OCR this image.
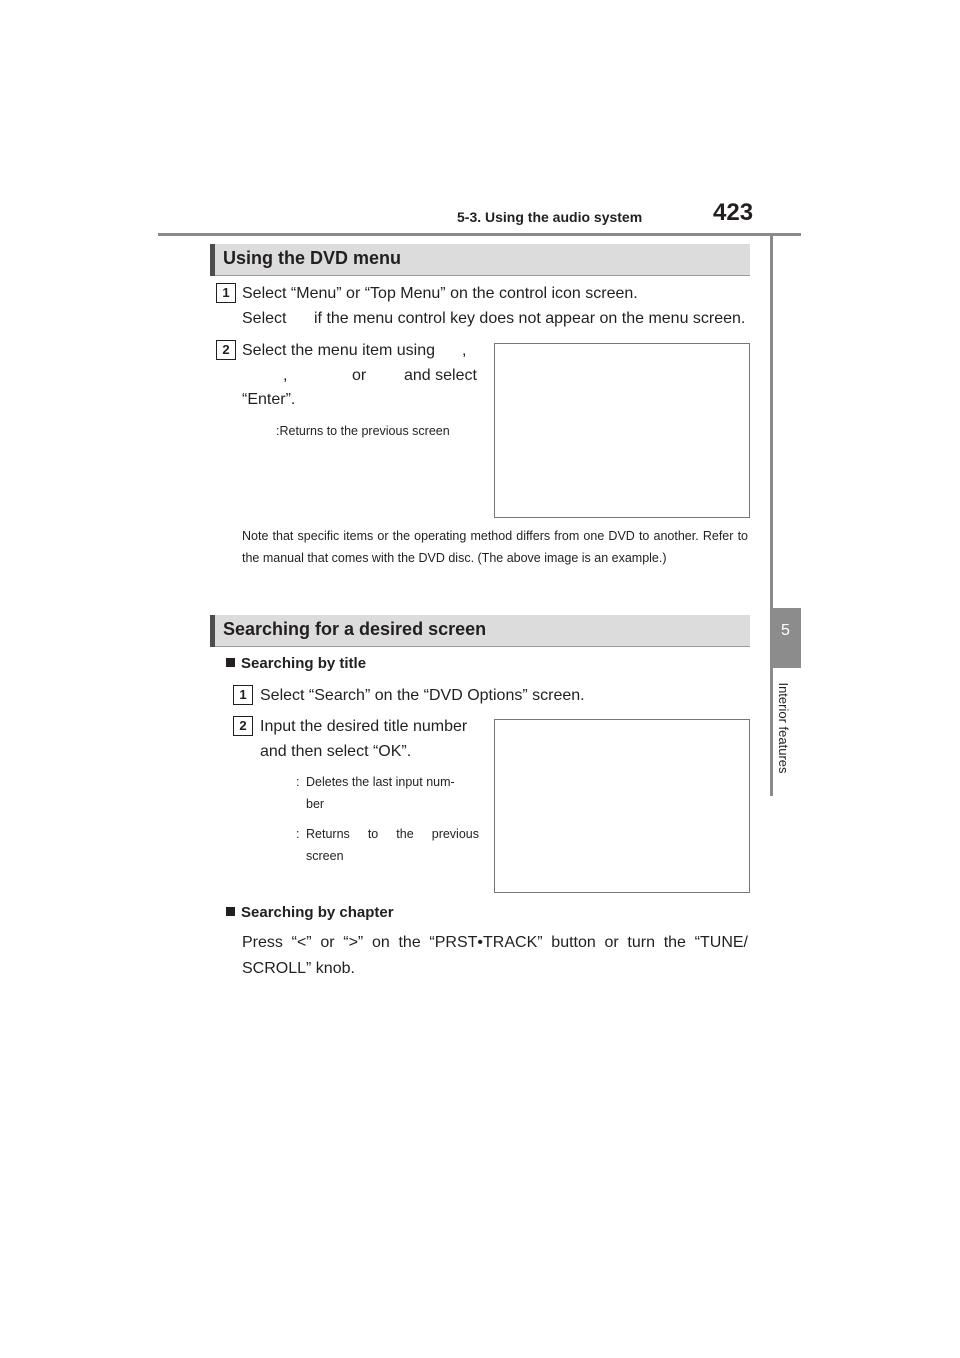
5-3. Using the audio system	423
5
Interior features
Using the DVD menu
1 Select “Menu” or “Top Menu” on the control icon screen.
Select if the menu control key does not appear on the menu screen.
2 Select the menu item using ,
,	or and select
“Enter”.
:Returns to the previous screen
Note that specific items or the operating method differs from one DVD to another. Refer to the manual that comes with the DVD disc. (The above image is an example.)
Searching for a desired screen
Searching by title
1 Select “Search” on the “DVD Options” screen.
2 Input the desired title number
and then select “OK”.
: Deletes the last input num-
ber
: Returns to the previous
screen
Searching by chapter
Press “<” or “>” on the “PRST•TRACK” button or turn the “TUNE/
SCROLL” knob.
